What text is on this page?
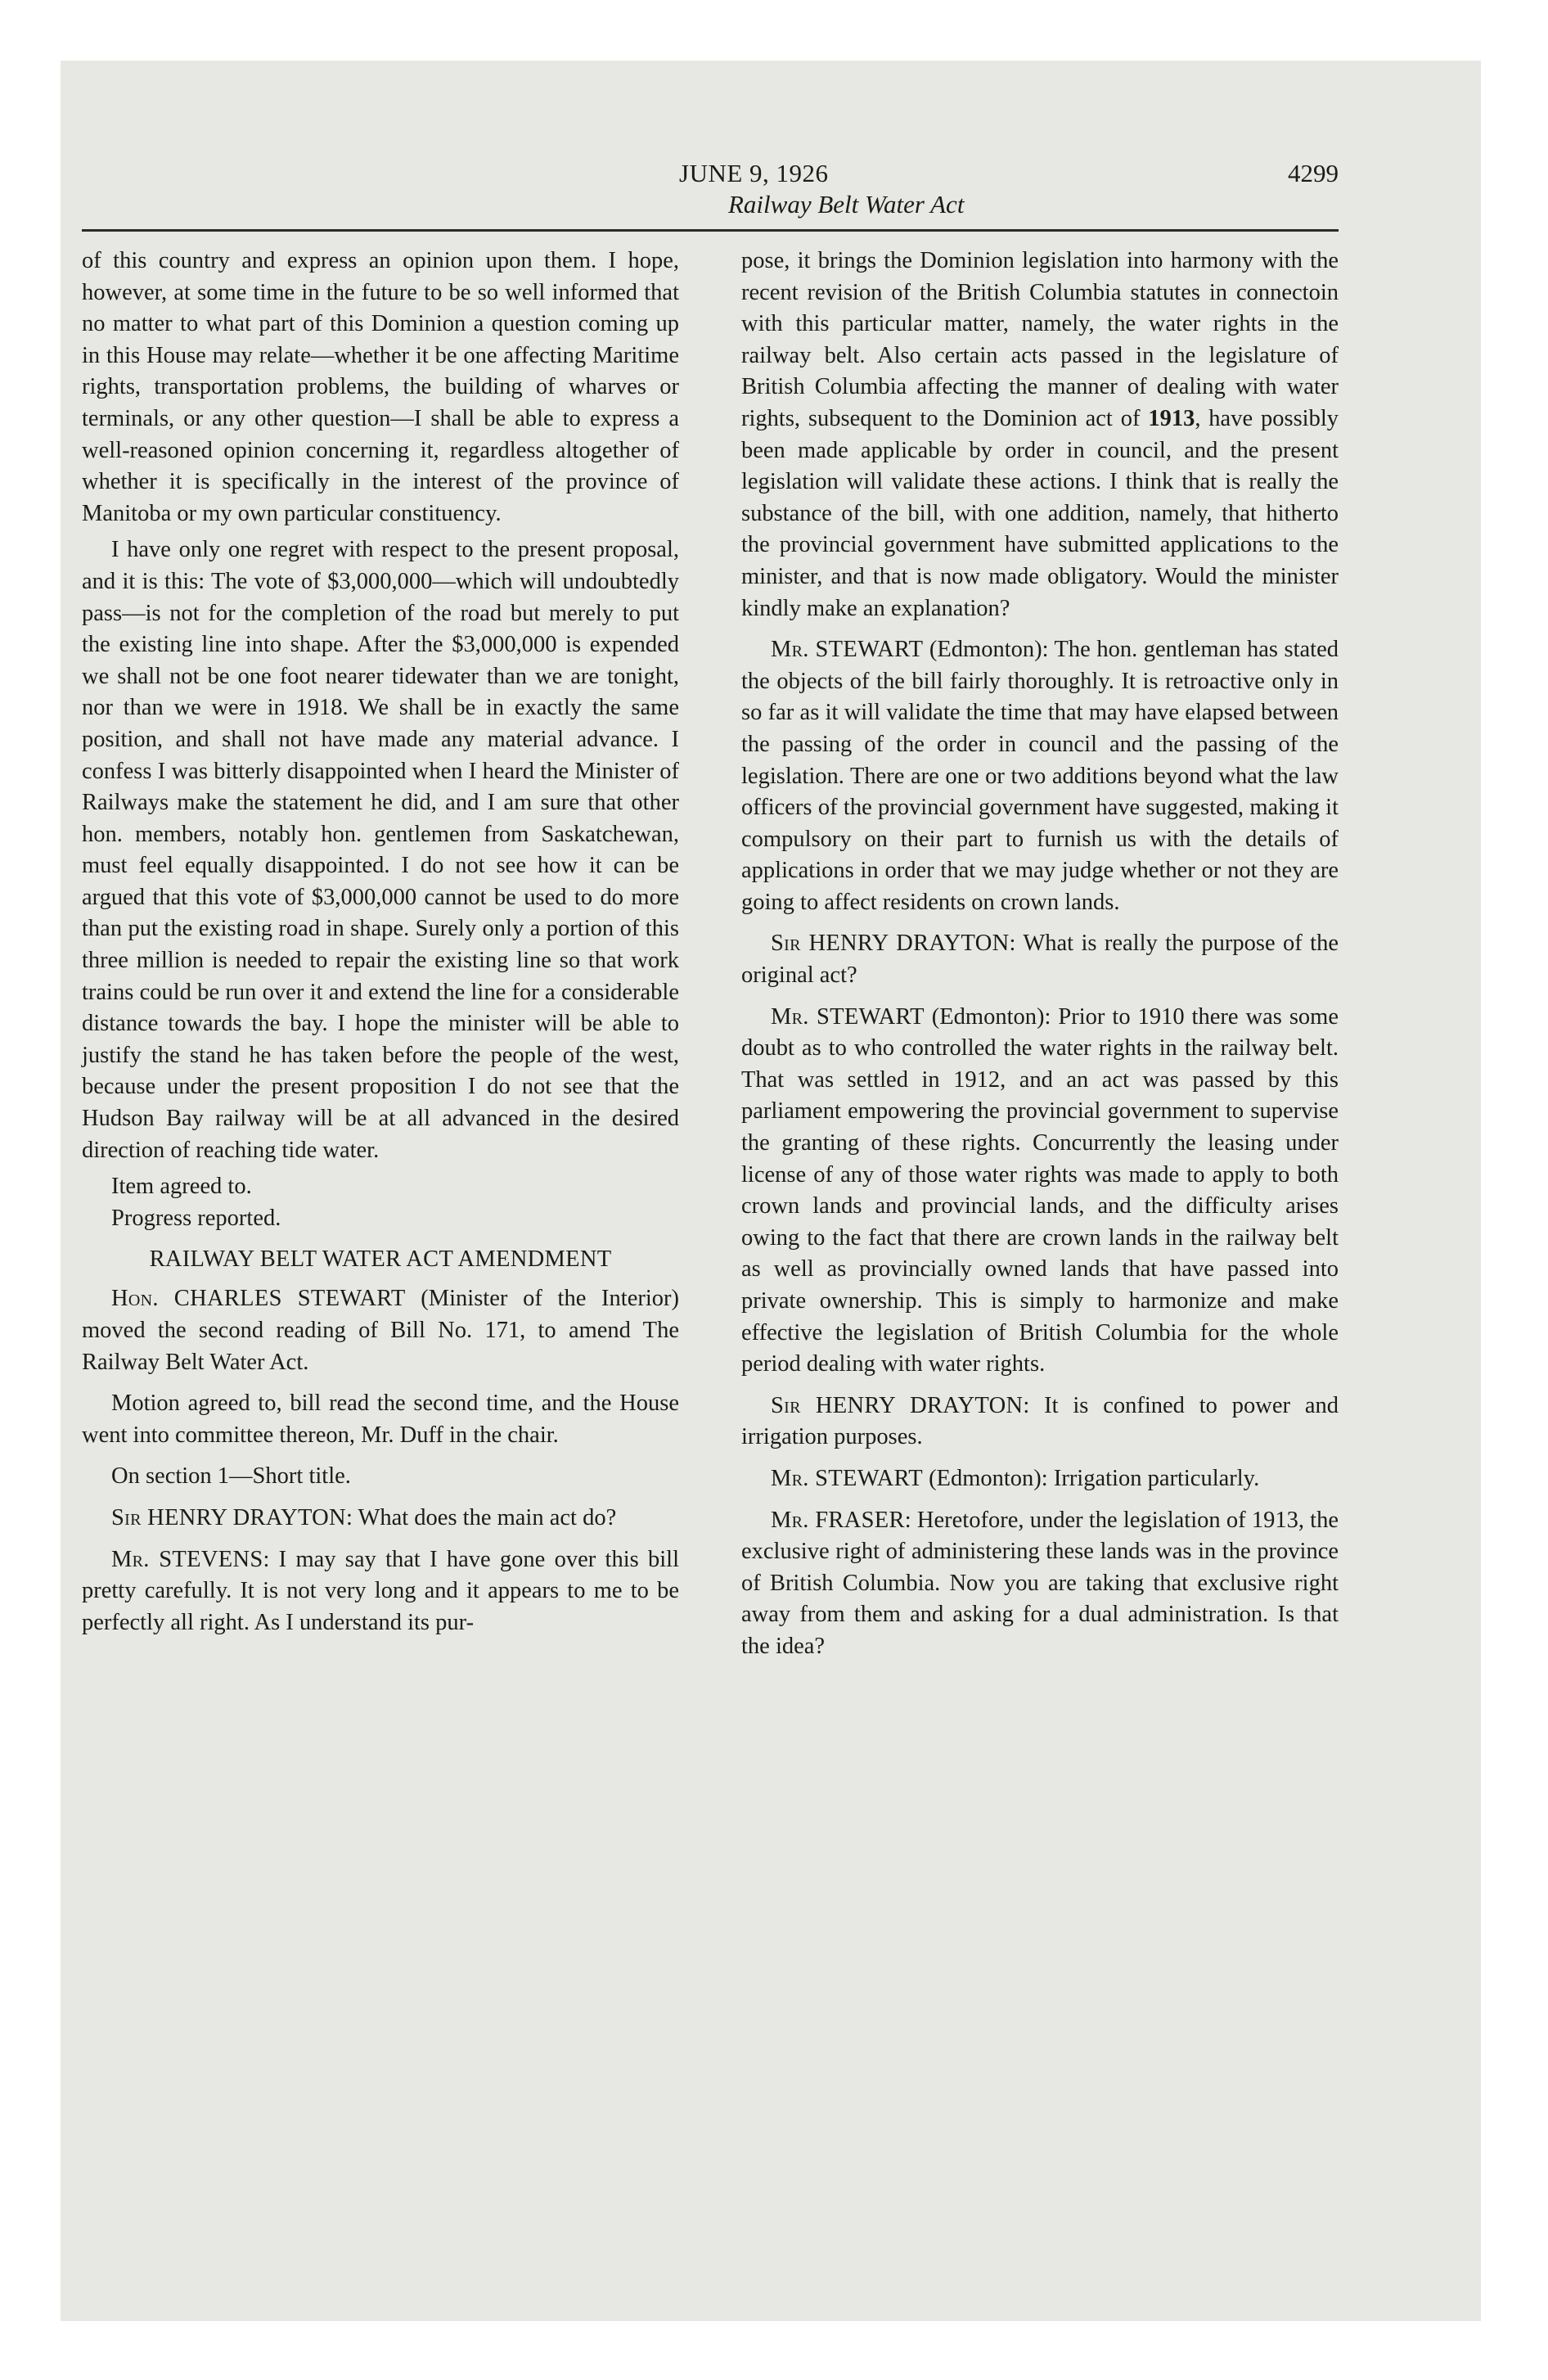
JUNE 9, 1926	4299
Railway Belt Water Act

of this country and express an opinion upon them. I hope, however, at some time in the future to be so well informed that no matter to what part of this Dominion a question coming up in this House may relate—whether it be one affecting Maritime rights, transportation problems, the building of wharves or terminals, or any other question—I shall be able to express a well-reasoned opinion concerning it, regardless altogether of whether it is specifically in the interest of the province of Manitoba or my own particular constituency.

I have only one regret with respect to the present proposal, and it is this: The vote of $3,000,000—which will undoubtedly pass—is not for the completion of the road but merely to put the existing line into shape. After the $3,000,000 is expended we shall not be one foot nearer tidewater than we are tonight, nor than we were in 1918. We shall be in exactly the same position, and shall not have made any material advance. I confess I was bitterly disappointed when I heard the Minister of Railways make the statement he did, and I am sure that other hon. members, notably hon. gentlemen from Saskatchewan, must feel equally disappointed. I do not see how it can be argued that this vote of $3,000,000 cannot be used to do more than put the existing road in shape. Surely only a portion of this three million is needed to repair the existing line so that work trains could be run over it and extend the line for a considerable distance towards the bay. I hope the minister will be able to justify the stand he has taken before the people of the west, because under the present proposition I do not see that the Hudson Bay railway will be at all advanced in the desired direction of reaching tide water.

Item agreed to.

Progress reported.

RAILWAY BELT WATER ACT AMENDMENT

Hon. CHARLES STEWART (Minister of the Interior) moved the second reading of Bill No. 171, to amend The Railway Belt Water Act.

Motion agreed to, bill read the second time, and the House went into committee thereon, Mr. Duff in the chair.

On section 1—Short title.

Sir HENRY DRAYTON: What does the main act do?

Mr. STEVENS: I may say that I have gone over this bill pretty carefully. It is not very long and it appears to me to be perfectly all right. As I understand its pur-

pose, it brings the Dominion legislation into harmony with the recent revision of the British Columbia statutes in connectoin with this particular matter, namely, the water rights in the railway belt. Also certain acts passed in the legislature of British Columbia affecting the manner of dealing with water rights, subsequent to the Dominion act of 1913, have possibly been made applicable by order in council, and the present legislation will validate these actions. I think that is really the substance of the bill, with one addition, namely, that hitherto the provincial government have submitted applications to the minister, and that is now made obligatory. Would the minister kindly make an explanation?

Mr. STEWART (Edmonton): The hon. gentleman has stated the objects of the bill fairly thoroughly. It is retroactive only in so far as it will validate the time that may have elapsed between the passing of the order in council and the passing of the legislation. There are one or two additions beyond what the law officers of the provincial government have suggested, making it compulsory on their part to furnish us with the details of applications in order that we may judge whether or not they are going to affect residents on crown lands.

Sir HENRY DRAYTON: What is really the purpose of the original act?

Mr. STEWART (Edmonton): Prior to 1910 there was some doubt as to who controlled the water rights in the railway belt. That was settled in 1912, and an act was passed by this parliament empowering the provincial government to supervise the granting of these rights. Concurrently the leasing under license of any of those water rights was made to apply to both crown lands and provincial lands, and the difficulty arises owing to the fact that there are crown lands in the railway belt as well as provincially owned lands that have passed into private ownership. This is simply to harmonize and make effective the legislation of British Columbia for the whole period dealing with water rights.

Sir HENRY DRAYTON: It is confined to power and irrigation purposes.

Mr. STEWART (Edmonton): Irrigation particularly.

Mr. FRASER: Heretofore, under the legislation of 1913, the exclusive right of administering these lands was in the province of British Columbia. Now you are taking that exclusive right away from them and asking for a dual administration. Is that the idea?
